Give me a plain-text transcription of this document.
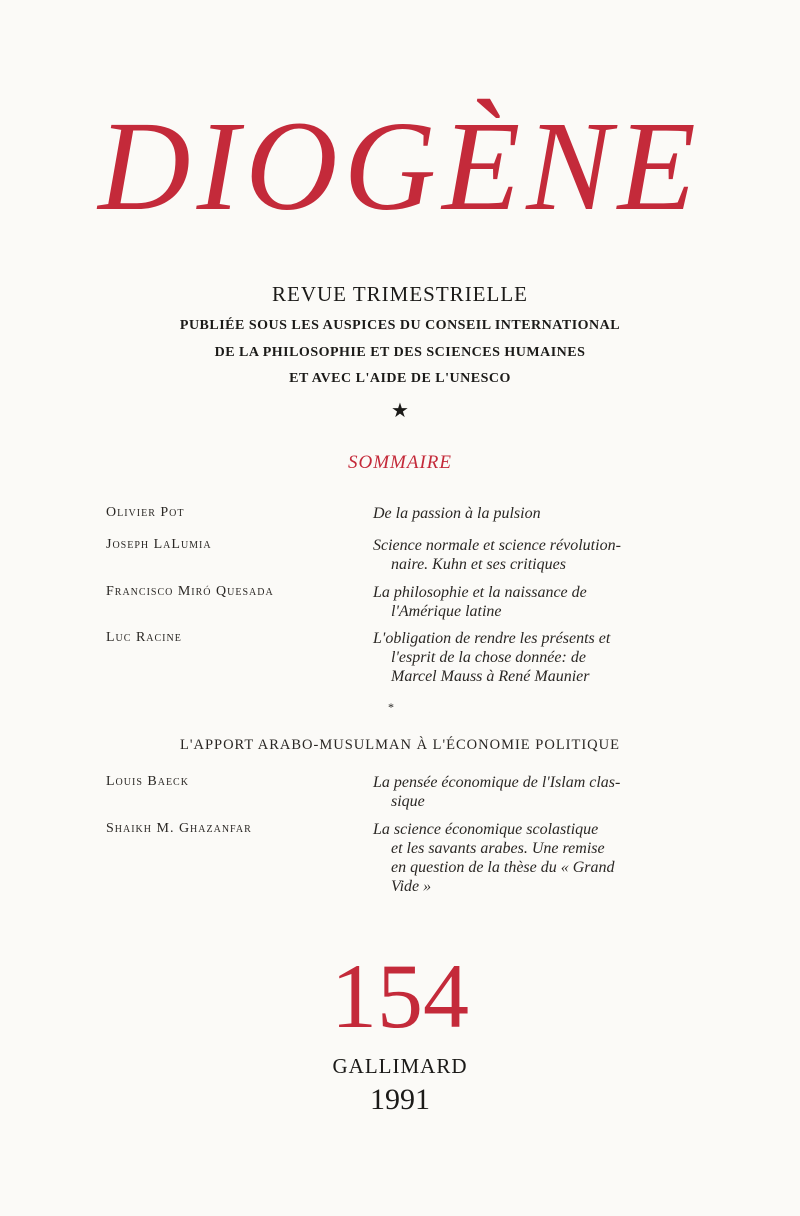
DIOGÈNE
REVUE TRIMESTRIELLE
PUBLIÉE SOUS LES AUSPICES DU CONSEIL INTERNATIONAL
DE LA PHILOSOPHIE ET DES SCIENCES HUMAINES
ET AVEC L'AIDE DE L'UNESCO
★
SOMMAIRE
Olivier Pot	De la passion à la pulsion
Joseph LaLumia	Science normale et science révolution-
naire. Kuhn et ses critiques
Francisco Miró Quesada	La philosophie et la naissance de
l'Amérique latine
Luc Racine	L'obligation de rendre les présents et
l'esprit de la chose donnée: de
Marcel Mauss à René Maunier
*
L'APPORT ARABO-MUSULMAN À L'ÉCONOMIE POLITIQUE
Louis Baeck	La pensée économique de l'Islam clas-
sique
Shaikh M. Ghazanfar	La science économique scolastique
et les savants arabes. Une remise
en question de la thèse du « Grand
Vide »
154
GALLIMARD
1991
